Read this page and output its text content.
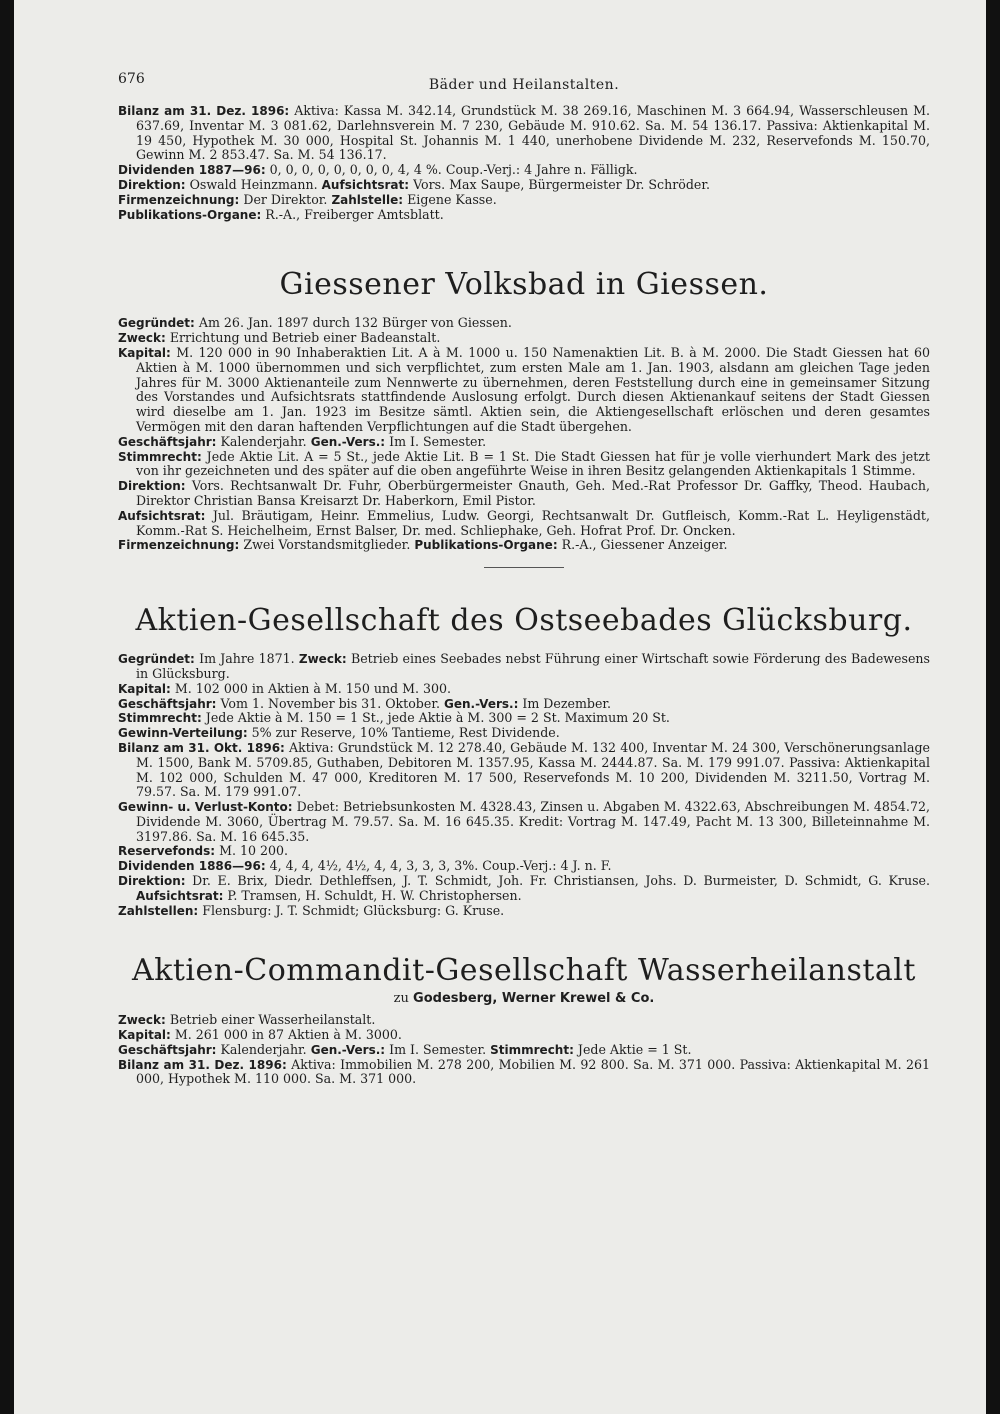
676	Bäder und Heilanstalten.

Bilanz am 31. Dez. 1896: Aktiva: Kassa M. 342.14, Grundstück M. 38 269.16, Maschinen M. 3 664.94, Wasserschleusen M. 637.69, Inventar M. 3 081.62, Darlehnsverein M. 7 230, Gebäude M. 910.62. Sa. M. 54 136.17. Passiva: Aktienkapital M. 19 450, Hypothek M. 30 000, Hospital St. Johannis M. 1 440, unerhobene Dividende M. 232, Reservefonds M. 150.70, Gewinn M. 2 853.47. Sa. M. 54 136.17.

Dividenden 1887—96: 0, 0, 0, 0, 0, 0, 0, 0, 4, 4 %. Coup.-Verj.: 4 Jahre n. Fälligk.

Direktion: Oswald Heinzmann. Aufsichtsrat: Vors. Max Saupe, Bürgermeister Dr. Schröder.

Firmenzeichnung: Der Direktor. Zahlstelle: Eigene Kasse.

Publikations-Organe: R.-A., Freiberger Amtsblatt.

Giessener Volksbad in Giessen.

Gegründet: Am 26. Jan. 1897 durch 132 Bürger von Giessen.

Zweck: Errichtung und Betrieb einer Badeanstalt.

Kapital: M. 120 000 in 90 Inhaberaktien Lit. A à M. 1000 u. 150 Namenaktien Lit. B. à M. 2000. Die Stadt Giessen hat 60 Aktien à M. 1000 übernommen und sich verpflichtet, zum ersten Male am 1. Jan. 1903, alsdann am gleichen Tage jeden Jahres für M. 3000 Aktienanteile zum Nennwerte zu übernehmen, deren Feststellung durch eine in gemeinsamer Sitzung des Vorstandes und Aufsichtsrats stattfindende Auslosung erfolgt. Durch diesen Aktienankauf seitens der Stadt Giessen wird dieselbe am 1. Jan. 1923 im Besitze sämtl. Aktien sein, die Aktiengesellschaft erlöschen und deren gesamtes Vermögen mit den daran haftenden Verpflichtungen auf die Stadt übergehen.

Geschäftsjahr: Kalenderjahr. Gen.-Vers.: Im I. Semester.

Stimmrecht: Jede Aktie Lit. A = 5 St., jede Aktie Lit. B = 1 St. Die Stadt Giessen hat für je volle vierhundert Mark des jetzt von ihr gezeichneten und des später auf die oben angeführte Weise in ihren Besitz gelangenden Aktienkapitals 1 Stimme.

Direktion: Vors. Rechtsanwalt Dr. Fuhr, Oberbürgermeister Gnauth, Geh. Med.-Rat Professor Dr. Gaffky, Theod. Haubach, Direktor Christian Bansa Kreisarzt Dr. Haberkorn, Emil Pistor.

Aufsichtsrat: Jul. Bräutigam, Heinr. Emmelius, Ludw. Georgi, Rechtsanwalt Dr. Gutfleisch, Komm.-Rat L. Heyligenstädt, Komm.-Rat S. Heichelheim, Ernst Balser, Dr. med. Schliephake, Geh. Hofrat Prof. Dr. Oncken.

Firmenzeichnung: Zwei Vorstandsmitglieder. Publikations-Organe: R.-A., Giessener Anzeiger.

Aktien-Gesellschaft des Ostseebades Glücksburg.

Gegründet: Im Jahre 1871. Zweck: Betrieb eines Seebades nebst Führung einer Wirtschaft sowie Förderung des Badewesens in Glücksburg.

Kapital: M. 102 000 in Aktien à M. 150 und M. 300.

Geschäftsjahr: Vom 1. November bis 31. Oktober. Gen.-Vers.: Im Dezember.

Stimmrecht: Jede Aktie à M. 150 = 1 St., jede Aktie à M. 300 = 2 St. Maximum 20 St.

Gewinn-Verteilung: 5% zur Reserve, 10% Tantieme, Rest Dividende.

Bilanz am 31. Okt. 1896: Aktiva: Grundstück M. 12 278.40, Gebäude M. 132 400, Inventar M. 24 300, Verschönerungsanlage M. 1500, Bank M. 5709.85, Guthaben, Debitoren M. 1357.95, Kassa M. 2444.87. Sa. M. 179 991.07. Passiva: Aktienkapital M. 102 000, Schulden M. 47 000, Kreditoren M. 17 500, Reservefonds M. 10 200, Dividenden M. 3211.50, Vortrag M. 79.57. Sa. M. 179 991.07.

Gewinn- u. Verlust-Konto: Debet: Betriebsunkosten M. 4328.43, Zinsen u. Abgaben M. 4322.63, Abschreibungen M. 4854.72, Dividende M. 3060, Übertrag M. 79.57. Sa. M. 16 645.35. Kredit: Vortrag M. 147.49, Pacht M. 13 300, Billeteinnahme M. 3197.86. Sa. M. 16 645.35.

Reservefonds: M. 10 200.

Dividenden 1886—96: 4, 4, 4, 4½, 4½, 4, 4, 3, 3, 3, 3%. Coup.-Verj.: 4 J. n. F.

Direktion: Dr. E. Brix, Diedr. Dethleffsen, J. T. Schmidt, Joh. Fr. Christiansen, Johs. D. Burmeister, D. Schmidt, G. Kruse. Aufsichtsrat: P. Tramsen, H. Schuldt, H. W. Christophersen.

Zahlstellen: Flensburg: J. T. Schmidt; Glücksburg: G. Kruse.

Aktien-Commandit-Gesellschaft Wasserheilanstalt
zu Godesberg, Werner Krewel & Co.

Zweck: Betrieb einer Wasserheilanstalt.

Kapital: M. 261 000 in 87 Aktien à M. 3000.

Geschäftsjahr: Kalenderjahr. Gen.-Vers.: Im I. Semester. Stimmrecht: Jede Aktie = 1 St.

Bilanz am 31. Dez. 1896: Aktiva: Immobilien M. 278 200, Mobilien M. 92 800. Sa. M. 371 000. Passiva: Aktienkapital M. 261 000, Hypothek M. 110 000. Sa. M. 371 000.
